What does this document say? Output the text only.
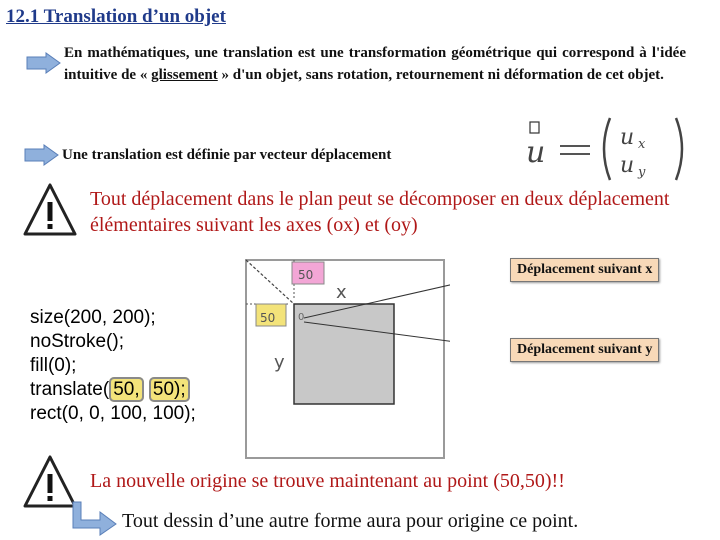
12.1 Translation d’un objet
En mathématiques, une translation est une transformation géométrique qui correspond à l'idée intuitive de « glissement » d'un objet, sans rotation, retournement ni déformation de cet objet.
Une translation est définie par vecteur déplacement	u	u x
u y
Tout déplacement dans le plan peut se décomposer en deux déplacement élémentaires suivant les axes (ox) et (oy)
size(200, 200);
noStroke();
fill(0);
translate( 50, 50);
rect(0, 0, 100, 100);
50
50
x
y
0
Déplacement suivant x
Déplacement suivant y
La nouvelle origine se trouve maintenant au point (50,50)!!
Tout dessin d’une autre forme aura pour origine ce point.
